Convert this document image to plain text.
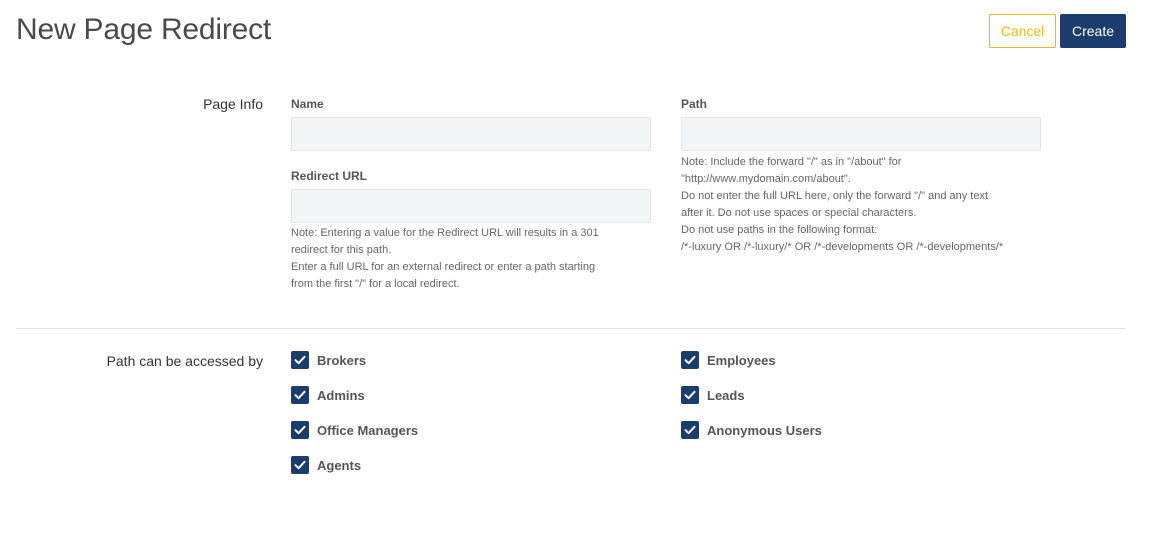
New Page Redirect	Cancel	Create
Page Info Name
Redirect URL
Note: Entering a value for the Redirect URL will results in a 301
redirect for this path.
Enter a full URL for an external redirect or enter a path starting
from the first "/" for a local redirect.
Path
Note: Include the forward "/" as in "/about" for
"http://www.mydomain.com/about".
Do not enter the full URL here, only the forward "/" and any text
after it. Do not use spaces or special characters.
Do not use paths in the following format:
/*-luxury OR /*-luxury/* OR /*-developments OR /*-developments/*
Path can be accessed by	Brokers
Admins
Office Managers
Agents
Employees
Leads
Anonymous Users
